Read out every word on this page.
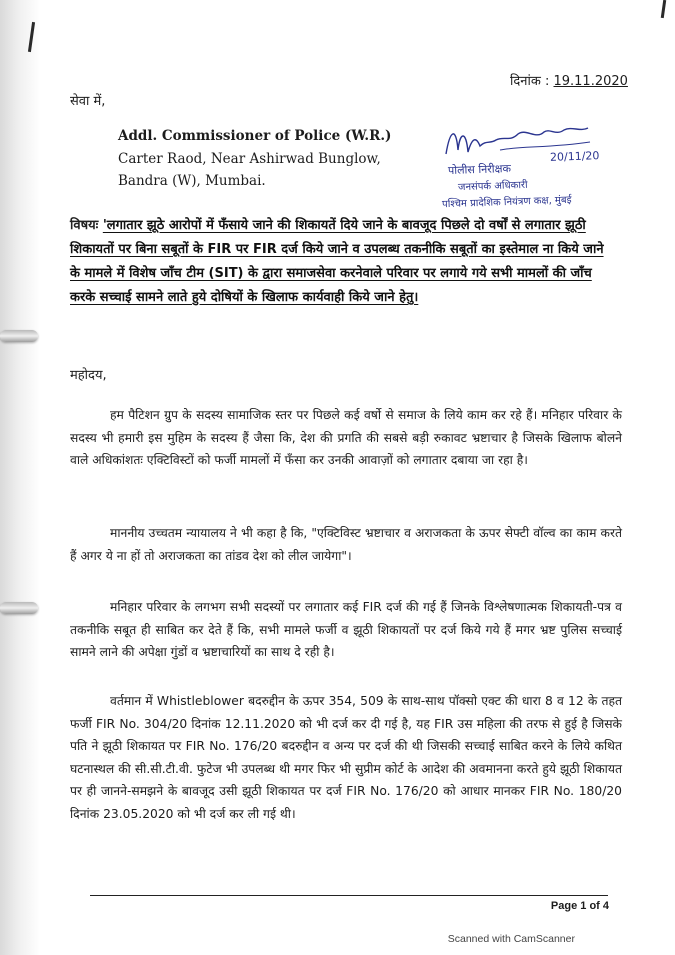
दिनांक : 19.11.2020
सेवा में,
Addl. Commissioner of Police (W.R.)
Carter Raod, Near Ashirwad Bunglow,
Bandra (W), Mumbai.
20/11/20
पोलीस निरीक्षक
जनसंपर्क अधिकारी
पश्चिम प्रादेशिक नियंत्रण कक्ष, मुंबई
विषयः 'लगातार झूठे आरोपों में फँसाये जाने की शिकायतें दिये जाने के बावजूद पिछले दो वर्षों से लगातार झूठी शिकायतों पर बिना सबूतों के FIR पर FIR दर्ज किये जाने व उपलब्ध तकनीकि सबूतों का इस्तेमाल ना किये जाने के मामले में विशेष जाँच टीम (SIT) के द्वारा समाजसेवा करनेवाले परिवार पर लगाये गये सभी मामलों की जाँच करके सच्चाई सामने लाते हुये दोषियों के खिलाफ कार्यवाही किये जाने हेतु।
महोदय,
हम पैटिशन ग्रुप के सदस्य सामाजिक स्तर पर पिछले कई वर्षो से समाज के लिये काम कर रहे हैं। मनिहार परिवार के सदस्य भी हमारी इस मुहिम के सदस्य हैं जैसा कि, देश की प्रगति की सबसे बड़ी रुकावट भ्रष्टाचार है जिसके खिलाफ बोलने वाले अधिकांशतः एक्टिविस्टों को फर्जी मामलों में फँसा कर उनकी आवाज़ों को लगातार दबाया जा रहा है।
माननीय उच्चतम न्यायालय ने भी कहा है कि, "एक्टिविस्ट भ्रष्टाचार व अराजकता के ऊपर सेफ्टी वॉल्व का काम करते हैं अगर ये ना हों तो अराजकता का तांडव देश को लील जायेगा"।
मनिहार परिवार के लगभग सभी सदस्यों पर लगातार कई FIR दर्ज की गई हैं जिनके विश्लेषणात्मक शिकायती-पत्र व तकनीकि सबूत ही साबित कर देते हैं कि, सभी मामले फर्जी व झूठी शिकायतों पर दर्ज किये गये हैं मगर भ्रष्ट पुलिस सच्चाई सामने लाने की अपेक्षा गुंडों व भ्रष्टाचारियों का साथ दे रही है।
वर्तमान में Whistleblower बदरुद्दीन के ऊपर 354, 509 के साथ-साथ पॉक्सो एक्ट की धारा 8 व 12 के तहत फर्जी FIR No. 304/20 दिनांक 12.11.2020 को भी दर्ज कर दी गई है, यह FIR उस महिला की तरफ से हुई है जिसके पति ने झूठी शिकायत पर FIR No. 176/20 बदरुद्दीन व अन्य पर दर्ज की थी जिसकी सच्चाई साबित करने के लिये कथित घटनास्थल की सी.सी.टी.वी. फुटेज भी उपलब्ध थी मगर फिर भी सुप्रीम कोर्ट के आदेश की अवमानना करते हुये झूठी शिकायत पर ही जानने-समझने के बावजूद उसी झूठी शिकायत पर दर्ज FIR No. 176/20 को आधार मानकर FIR No. 180/20 दिनांक 23.05.2020 को भी दर्ज कर ली गई थी।
Page 1 of 4
Scanned with CamScanner
